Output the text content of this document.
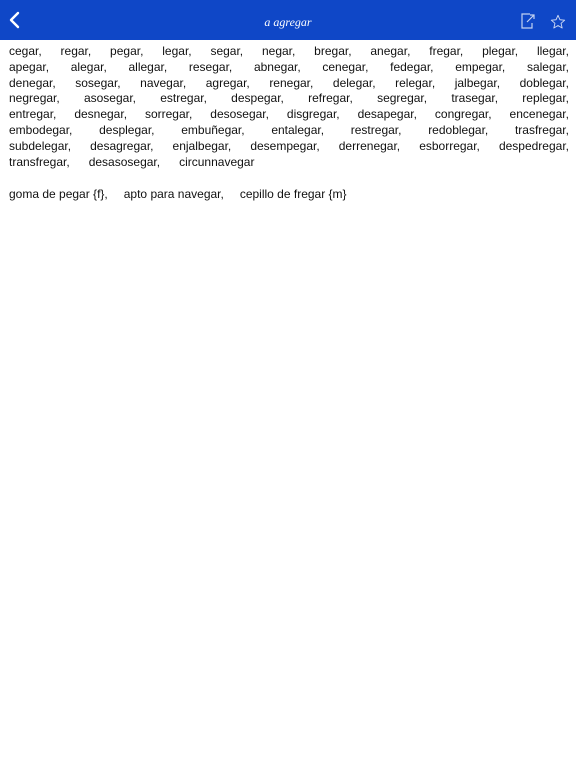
a agregar
cegar, regar, pegar, legar, segar, negar, bregar, anegar, fregar, plegar, llegar,
apegar, alegar, allegar, resegar, abnegar, cenegar, fedegar, empegar, salegar,
denegar, sosegar, navegar, agregar, renegar, delegar, relegar, jalbegar, doblegar,
negregar, asosegar, estregar, despegar, refregar, segregar, trasegar, replegar,
entregar, desnegar, sorregar, desosegar, disgregar, desapegar, congregar, encenegar,
embodegar, desplegar, embuñegar, entalegar, restregar, redoblegar, trasfregar,
subdelegar, desagregar, enjalbegar, desempegar, derrenegar, esborregar, despedregar,
transfregar, desasosegar, circunnavegar
goma de pegar {f}, apto para navegar, cepillo de fregar {m}
